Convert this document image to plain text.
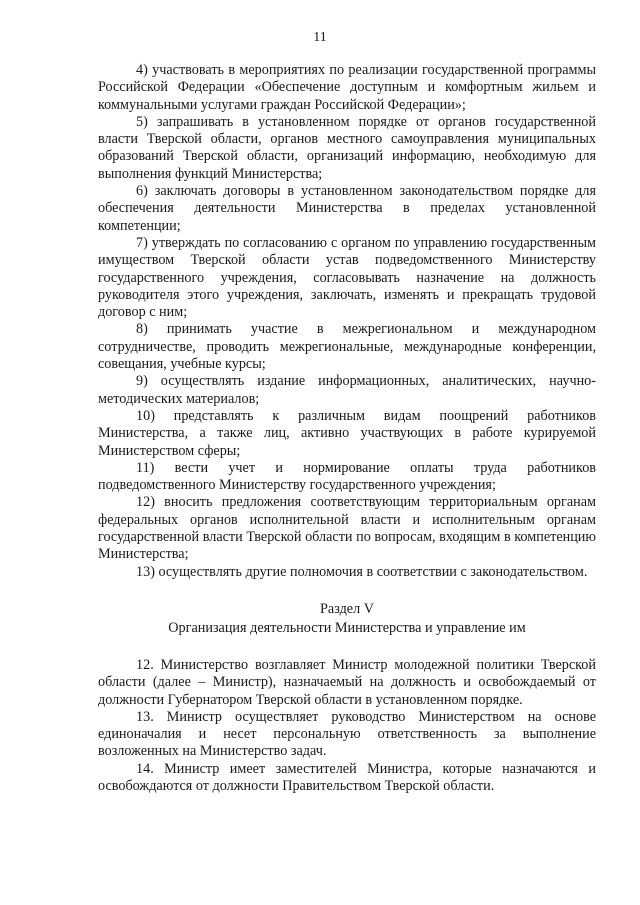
11

4) участвовать в мероприятиях по реализации государственной программы Российской Федерации «Обеспечение доступным и комфортным жильем и коммунальными услугами граждан Российской Федерации»;

5) запрашивать в установленном порядке от органов государственной власти Тверской области, органов местного самоуправления муниципальных образований Тверской области, организаций информацию, необходимую для выполнения функций Министерства;

6) заключать договоры в установленном законодательством порядке для обеспечения деятельности Министерства в пределах установленной компетенции;

7) утверждать по согласованию с органом по управлению государственным имуществом Тверской области устав подведомственного Министерству государственного учреждения, согласовывать назначение на должность руководителя этого учреждения, заключать, изменять и прекращать трудовой договор с ним;

8) принимать участие в межрегиональном и международном сотрудничестве, проводить межрегиональные, международные конференции, совещания, учебные курсы;

9) осуществлять издание информационных, аналитических, научно-методических материалов;

10) представлять к различным видам поощрений работников Министерства, а также лиц, активно участвующих в работе курируемой Министерством сферы;

11) вести учет и нормирование оплаты труда работников подведомственного Министерству государственного учреждения;

12) вносить предложения соответствующим территориальным органам федеральных органов исполнительной власти и исполнительным органам государственной власти Тверской области по вопросам, входящим в компетенцию Министерства;

13) осуществлять другие полномочия в соответствии с законодательством.

Раздел V

Организация деятельности Министерства и управление им

12. Министерство возглавляет Министр молодежной политики Тверской области (далее – Министр), назначаемый на должность и освобождаемый от должности Губернатором Тверской области в установленном порядке.

13. Министр осуществляет руководство Министерством на основе единоначалия и несет персональную ответственность за выполнение возложенных на Министерство задач.

14. Министр имеет заместителей Министра, которые назначаются и освобождаются от должности Правительством Тверской области.
